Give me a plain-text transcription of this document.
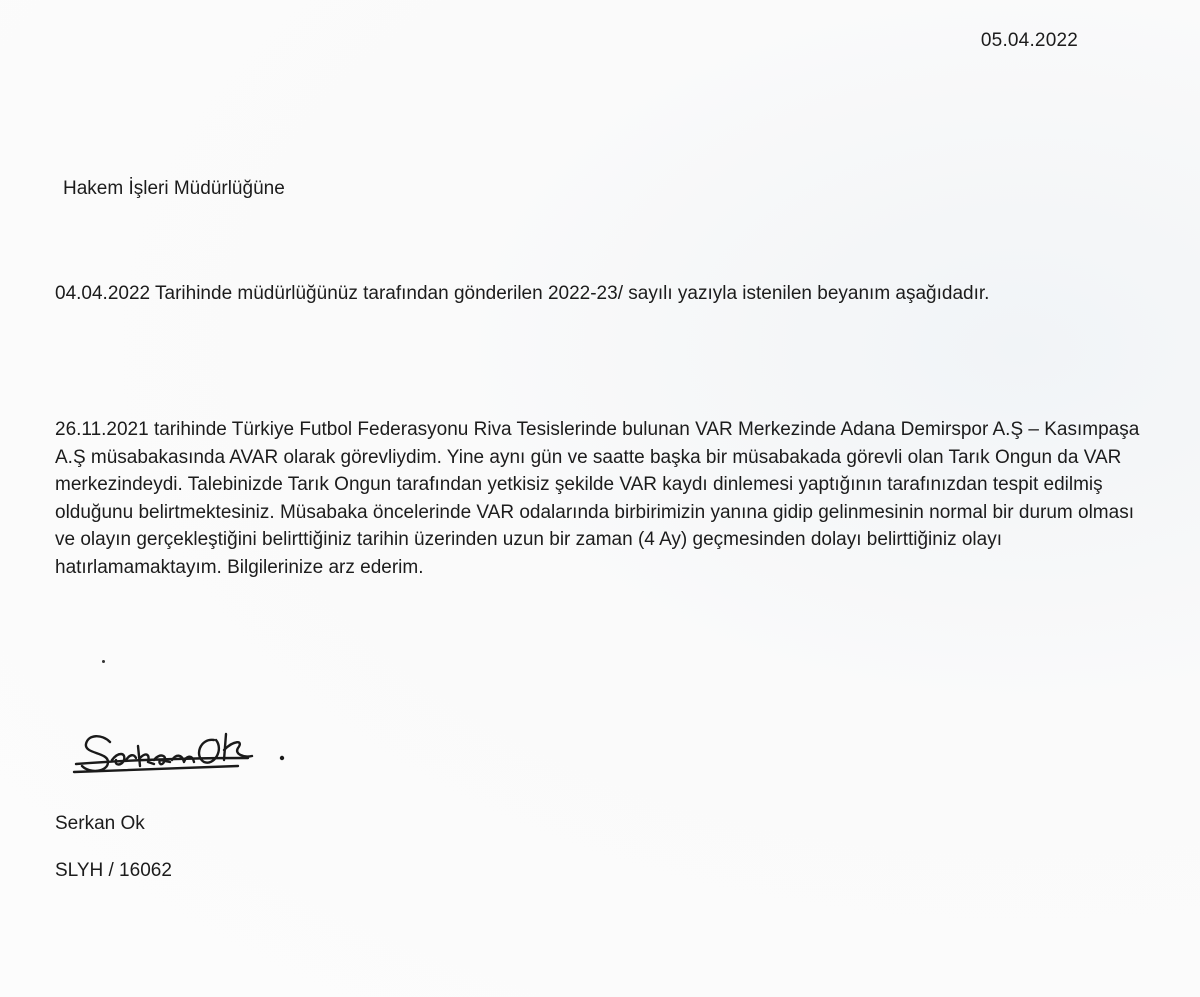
05.04.2022
Hakem İşleri Müdürlüğüne

04.04.2022 Tarihinde müdürlüğünüz tarafından gönderilen 2022-23/ sayılı yazıyla istenilen beyanım aşağıdadır.

26.11.2021 tarihinde Türkiye Futbol Federasyonu Riva Tesislerinde bulunan VAR Merkezinde Adana Demirspor A.Ş – Kasımpaşa A.Ş müsabakasında AVAR olarak görevliydim. Yine aynı gün ve saatte başka bir müsabakada görevli olan Tarık Ongun da VAR merkezindeydi. Talebinizde Tarık Ongun tarafından yetkisiz şekilde VAR kaydı dinlemesi yaptığının tarafınızdan tespit edilmiş olduğunu belirtmektesiniz. Müsabaka öncelerinde VAR odalarında birbirimizin yanına gidip gelinmesinin normal bir durum olması ve olayın gerçekleştiğini belirttiğiniz tarihin üzerinden uzun bir zaman (4 Ay) geçmesinden dolayı belirttiğiniz olayı hatırlamamaktayım. Bilgilerinize arz ederim.

Serkan Ok
SLYH / 16062
